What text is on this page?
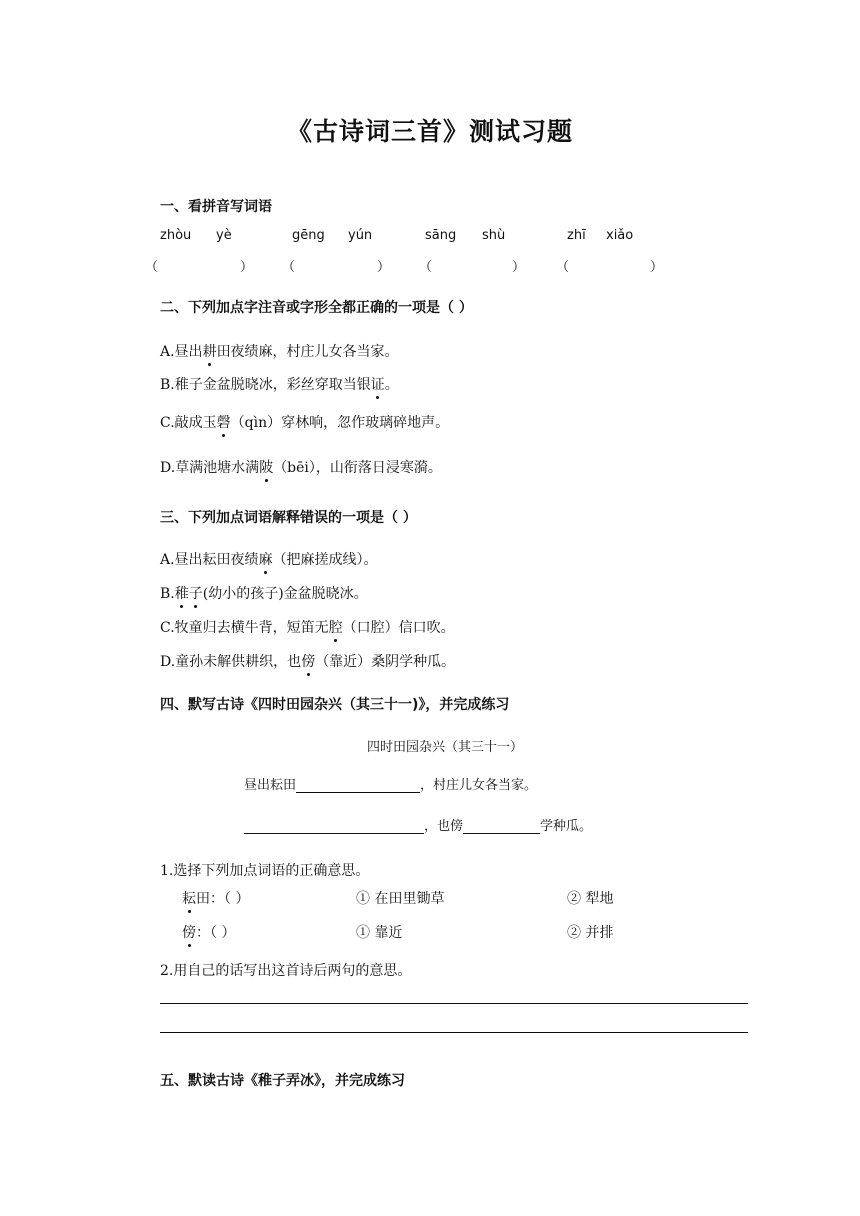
《古诗词三首》测试习题
一、看拼音写词语
zhòu yè	gēng yún	sāng shù	zhī xiǎo
（	） （	） （	） （	）
二、下列加点字注音或字形全都正确的一项是（ ）
A.昼出耕田夜绩麻，村庄儿女各当家。
B.稚子金盆脱晓冰，彩丝穿取当银证。
C.敲成玉磬（qìn）穿林响，忽作玻璃碎地声。
D.草满池塘水满陂（bēi），山衔落日浸寒漪。
三、下列加点词语解释错误的一项是（ ）
A.昼出耘田夜绩麻（把麻搓成线）。
B.稚子(幼小的孩子)金盆脱晓冰。
C.牧童归去横牛背，短笛无腔（口腔）信口吹。
D.童孙未解供耕织，也傍（靠近）桑阴学种瓜。
四、默写古诗《四时田园杂兴（其三十一)》，并完成练习
四时田园杂兴（其三十一）
昼出耘田	，村庄儿女各当家。
，也傍	学种瓜。
1.选择下列加点词语的正确意思。
耘田：（ ）	① 在田里锄草	② 犁地
傍：（ ）	① 靠近	② 并排
2.用自己的话写出这首诗后两句的意思。
五、默读古诗《稚子弄冰》，并完成练习
